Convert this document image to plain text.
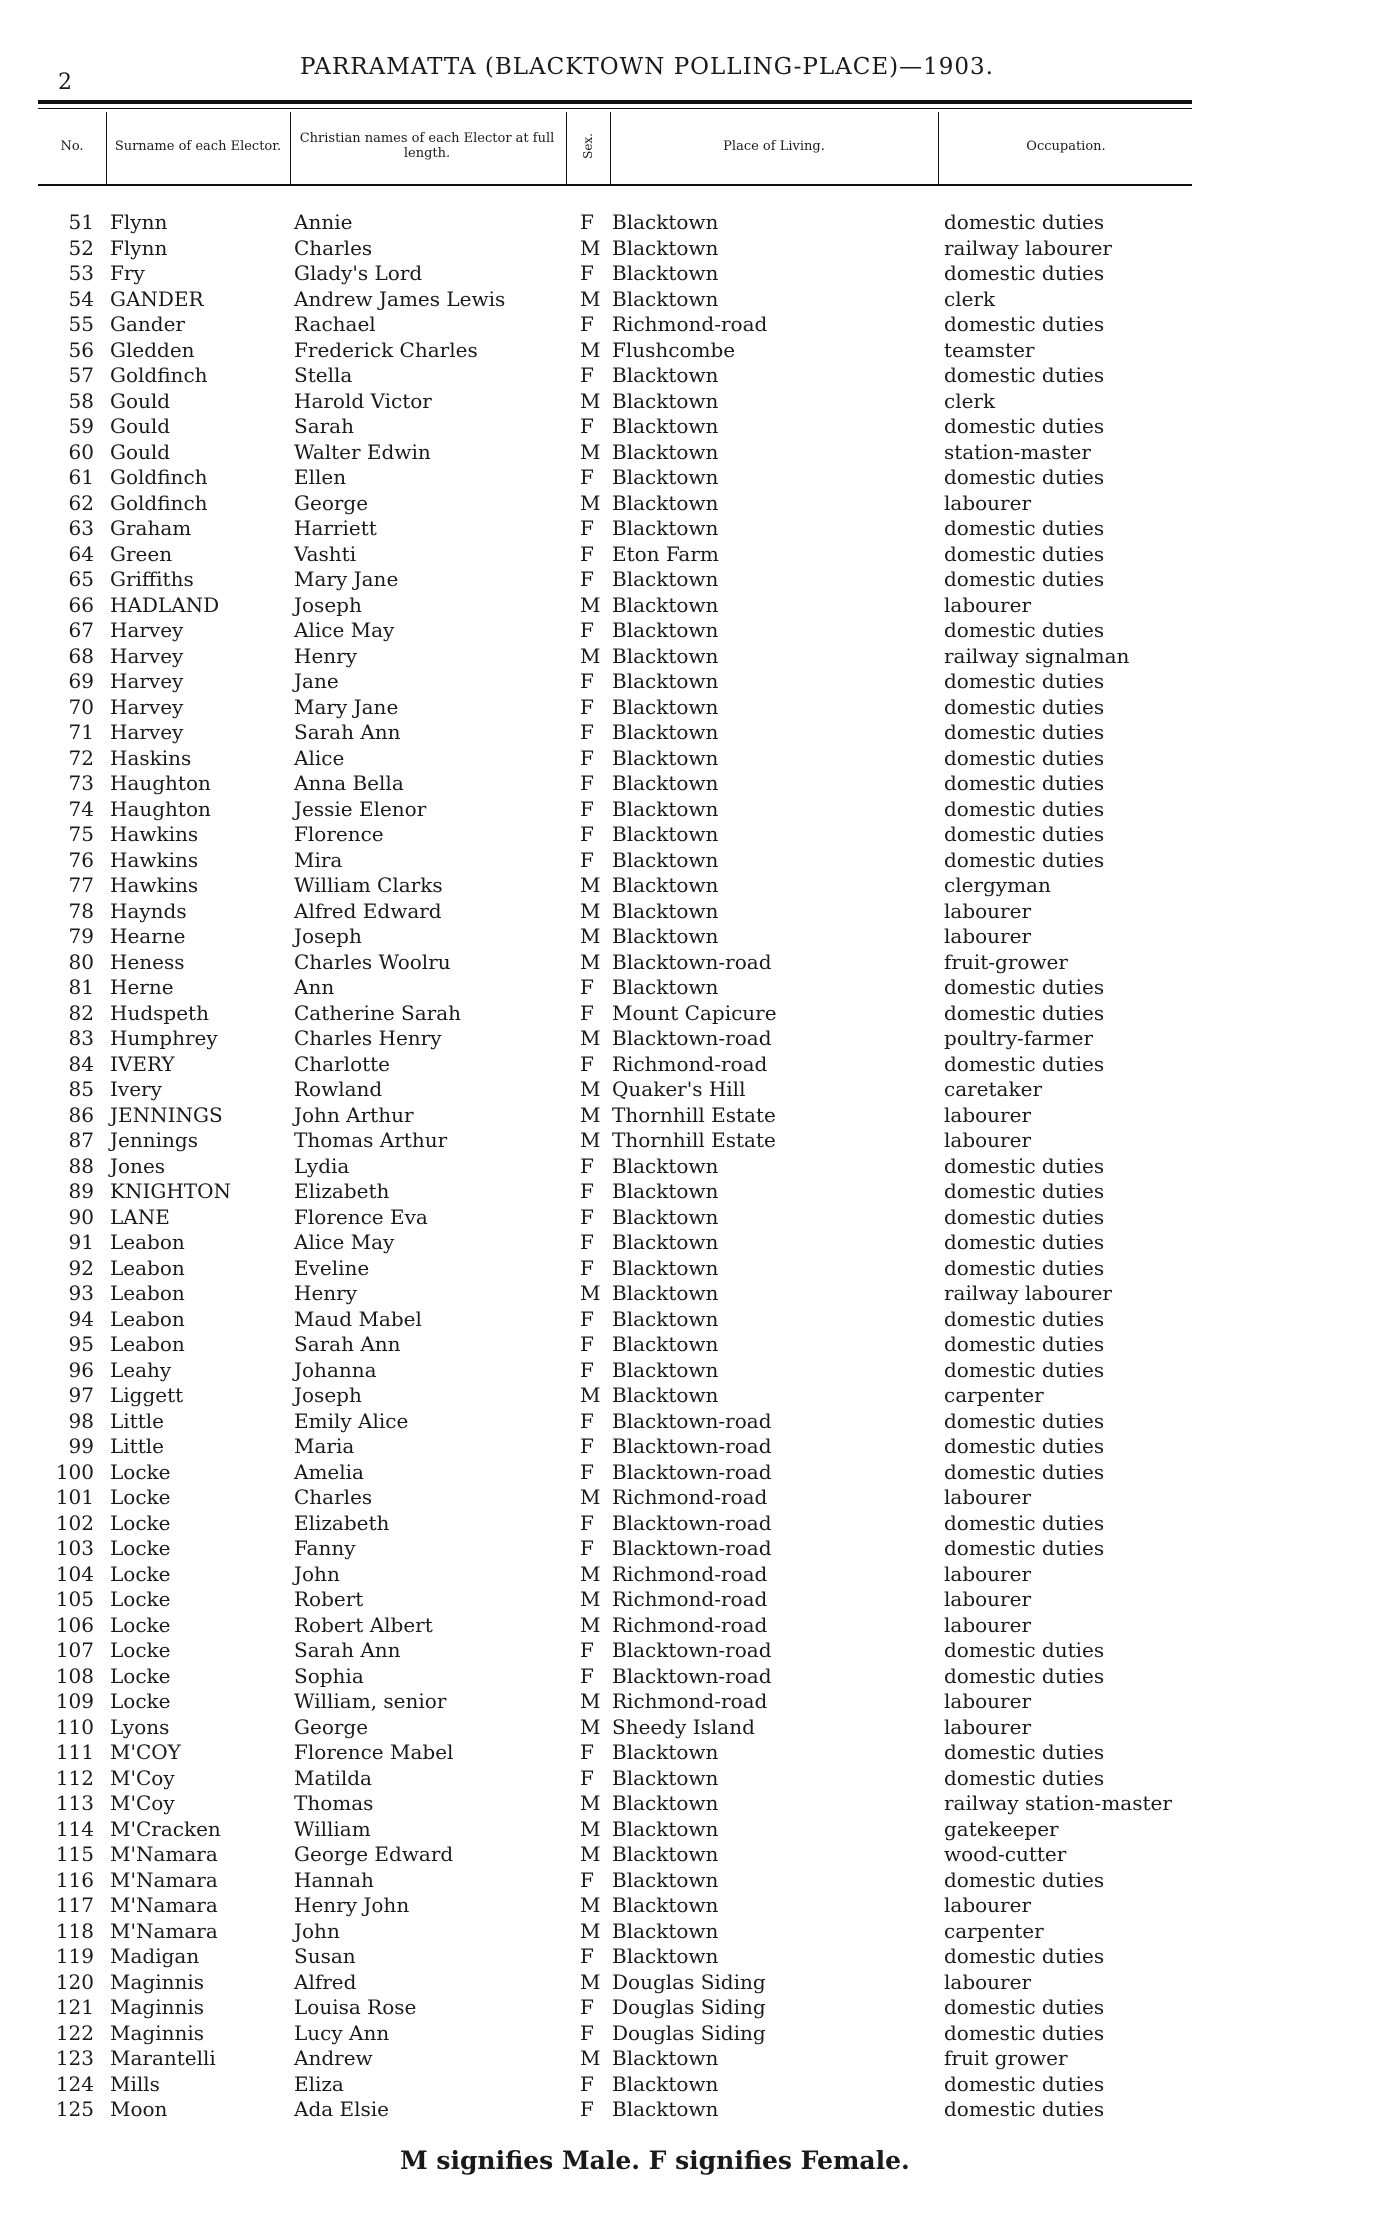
2
PARRAMATTA (BLACKTOWN POLLING-PLACE)—1903.
No.	Surname of each Elector.	Christian names of each Elector at full length.	Sex.	Place of Living.	Occupation.
51 Flynn	Annie	F Blacktown	domestic duties
52 Flynn	Charles	M Blacktown	railway labourer
53 Fry	Glady's Lord	F Blacktown	domestic duties
54 GANDER	Andrew James Lewis	M Blacktown	clerk
55 Gander	Rachael	F Richmond-road	domestic duties
56 Gledden	Frederick Charles	M Flushcombe	teamster
57 Goldfinch	Stella	F Blacktown	domestic duties
58 Gould	Harold Victor	M Blacktown	clerk
59 Gould	Sarah	F Blacktown	domestic duties
60 Gould	Walter Edwin	M Blacktown	station-master
61 Goldfinch	Ellen	F Blacktown	domestic duties
62 Goldfinch	George	M Blacktown	labourer
63 Graham	Harriett	F Blacktown	domestic duties
64 Green	Vashti	F Eton Farm	domestic duties
65 Griffiths	Mary Jane	F Blacktown	domestic duties
66 HADLAND	Joseph	M Blacktown	labourer
67 Harvey	Alice May	F Blacktown	domestic duties
68 Harvey	Henry	M Blacktown	railway signalman
69 Harvey	Jane	F Blacktown	domestic duties
70 Harvey	Mary Jane	F Blacktown	domestic duties
71 Harvey	Sarah Ann	F Blacktown	domestic duties
72 Haskins	Alice	F Blacktown	domestic duties
73 Haughton	Anna Bella	F Blacktown	domestic duties
74 Haughton	Jessie Elenor	F Blacktown	domestic duties
75 Hawkins	Florence	F Blacktown	domestic duties
76 Hawkins	Mira	F Blacktown	domestic duties
77 Hawkins	William Clarks	M Blacktown	clergyman
78 Haynds	Alfred Edward	M Blacktown	labourer
79 Hearne	Joseph	M Blacktown	labourer
80 Heness	Charles Woolru	M Blacktown-road	fruit-grower
81 Herne	Ann	F Blacktown	domestic duties
82 Hudspeth	Catherine Sarah	F Mount Capicure	domestic duties
83 Humphrey	Charles Henry	M Blacktown-road	poultry-farmer
84 IVERY	Charlotte	F Richmond-road	domestic duties
85 Ivery	Rowland	M Quaker's Hill	caretaker
86 JENNINGS	John Arthur	M Thornhill Estate	labourer
87 Jennings	Thomas Arthur	M Thornhill Estate	labourer
88 Jones	Lydia	F Blacktown	domestic duties
89 KNIGHTON	Elizabeth	F Blacktown	domestic duties
90 LANE	Florence Eva	F Blacktown	domestic duties
91 Leabon	Alice May	F Blacktown	domestic duties
92 Leabon	Eveline	F Blacktown	domestic duties
93 Leabon	Henry	M Blacktown	railway labourer
94 Leabon	Maud Mabel	F Blacktown	domestic duties
95 Leabon	Sarah Ann	F Blacktown	domestic duties
96 Leahy	Johanna	F Blacktown	domestic duties
97 Liggett	Joseph	M Blacktown	carpenter
98 Little	Emily Alice	F Blacktown-road	domestic duties
99 Little	Maria	F Blacktown-road	domestic duties
100 Locke	Amelia	F Blacktown-road	domestic duties
101 Locke	Charles	M Richmond-road	labourer
102 Locke	Elizabeth	F Blacktown-road	domestic duties
103 Locke	Fanny	F Blacktown-road	domestic duties
104 Locke	John	M Richmond-road	labourer
105 Locke	Robert	M Richmond-road	labourer
106 Locke	Robert Albert	M Richmond-road	labourer
107 Locke	Sarah Ann	F Blacktown-road	domestic duties
108 Locke	Sophia	F Blacktown-road	domestic duties
109 Locke	William, senior	M Richmond-road	labourer
110 Lyons	George	M Sheedy Island	labourer
111 M'COY	Florence Mabel	F Blacktown	domestic duties
112 M'Coy	Matilda	F Blacktown	domestic duties
113 M'Coy	Thomas	M Blacktown	railway station-master
114 M'Cracken	William	M Blacktown	gatekeeper
115 M'Namara	George Edward	M Blacktown	wood-cutter
116 M'Namara	Hannah	F Blacktown	domestic duties
117 M'Namara	Henry John	M Blacktown	labourer
118 M'Namara	John	M Blacktown	carpenter
119 Madigan	Susan	F Blacktown	domestic duties
120 Maginnis	Alfred	M Douglas Siding	labourer
121 Maginnis	Louisa Rose	F Douglas Siding	domestic duties
122 Maginnis	Lucy Ann	F Douglas Siding	domestic duties
123 Marantelli	Andrew	M Blacktown	fruit grower
124 Mills	Eliza	F Blacktown	domestic duties
125 Moon	Ada Elsie	F Blacktown	domestic duties
M signifies Male. F signifies Female.
